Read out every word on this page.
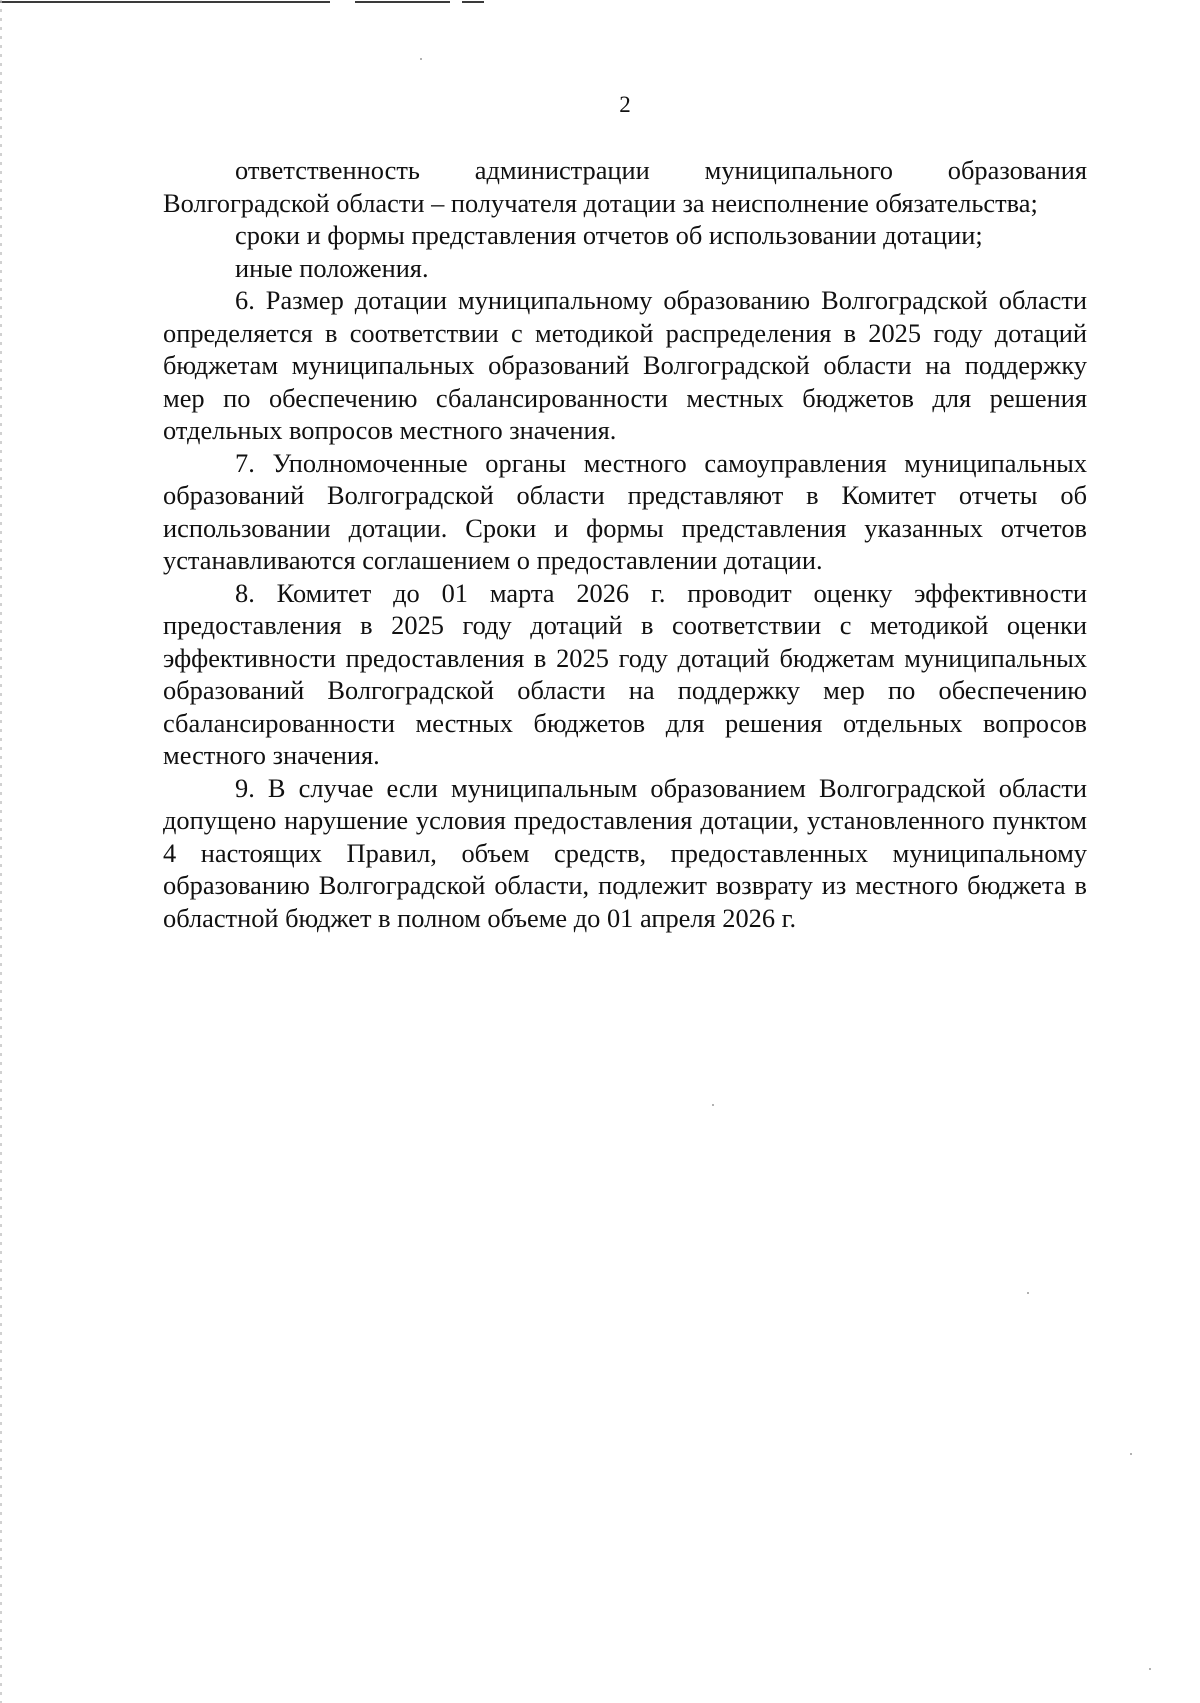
2

ответственность администрации муниципального образования Волгоградской области – получателя дотации за неисполнение обязательства;

сроки и формы представления отчетов об использовании дотации;

иные положения.

6. Размер дотации муниципальному образованию Волгоградской области определяется в соответствии с методикой распределения в 2025 году дотаций бюджетам муниципальных образований Волгоградской области на поддержку мер по обеспечению сбалансированности местных бюджетов для решения отдельных вопросов местного значения.

7. Уполномоченные органы местного самоуправления муниципальных образований Волгоградской области представляют в Комитет отчеты об использовании дотации. Сроки и формы представления указанных отчетов устанавливаются соглашением о предоставлении дотации.

8. Комитет до 01 марта 2026 г. проводит оценку эффективности предоставления в 2025 году дотаций в соответствии с методикой оценки эффективности предоставления в 2025 году дотаций бюджетам муниципальных образований Волгоградской области на поддержку мер по обеспечению сбалансированности местных бюджетов для решения отдельных вопросов местного значения.

9. В случае если муниципальным образованием Волгоградской области допущено нарушение условия предоставления дотации, установленного пунктом 4 настоящих Правил, объем средств, предоставленных муниципальному образованию Волгоградской области, подлежит возврату из местного бюджета в областной бюджет в полном объеме до 01 апреля 2026 г.
